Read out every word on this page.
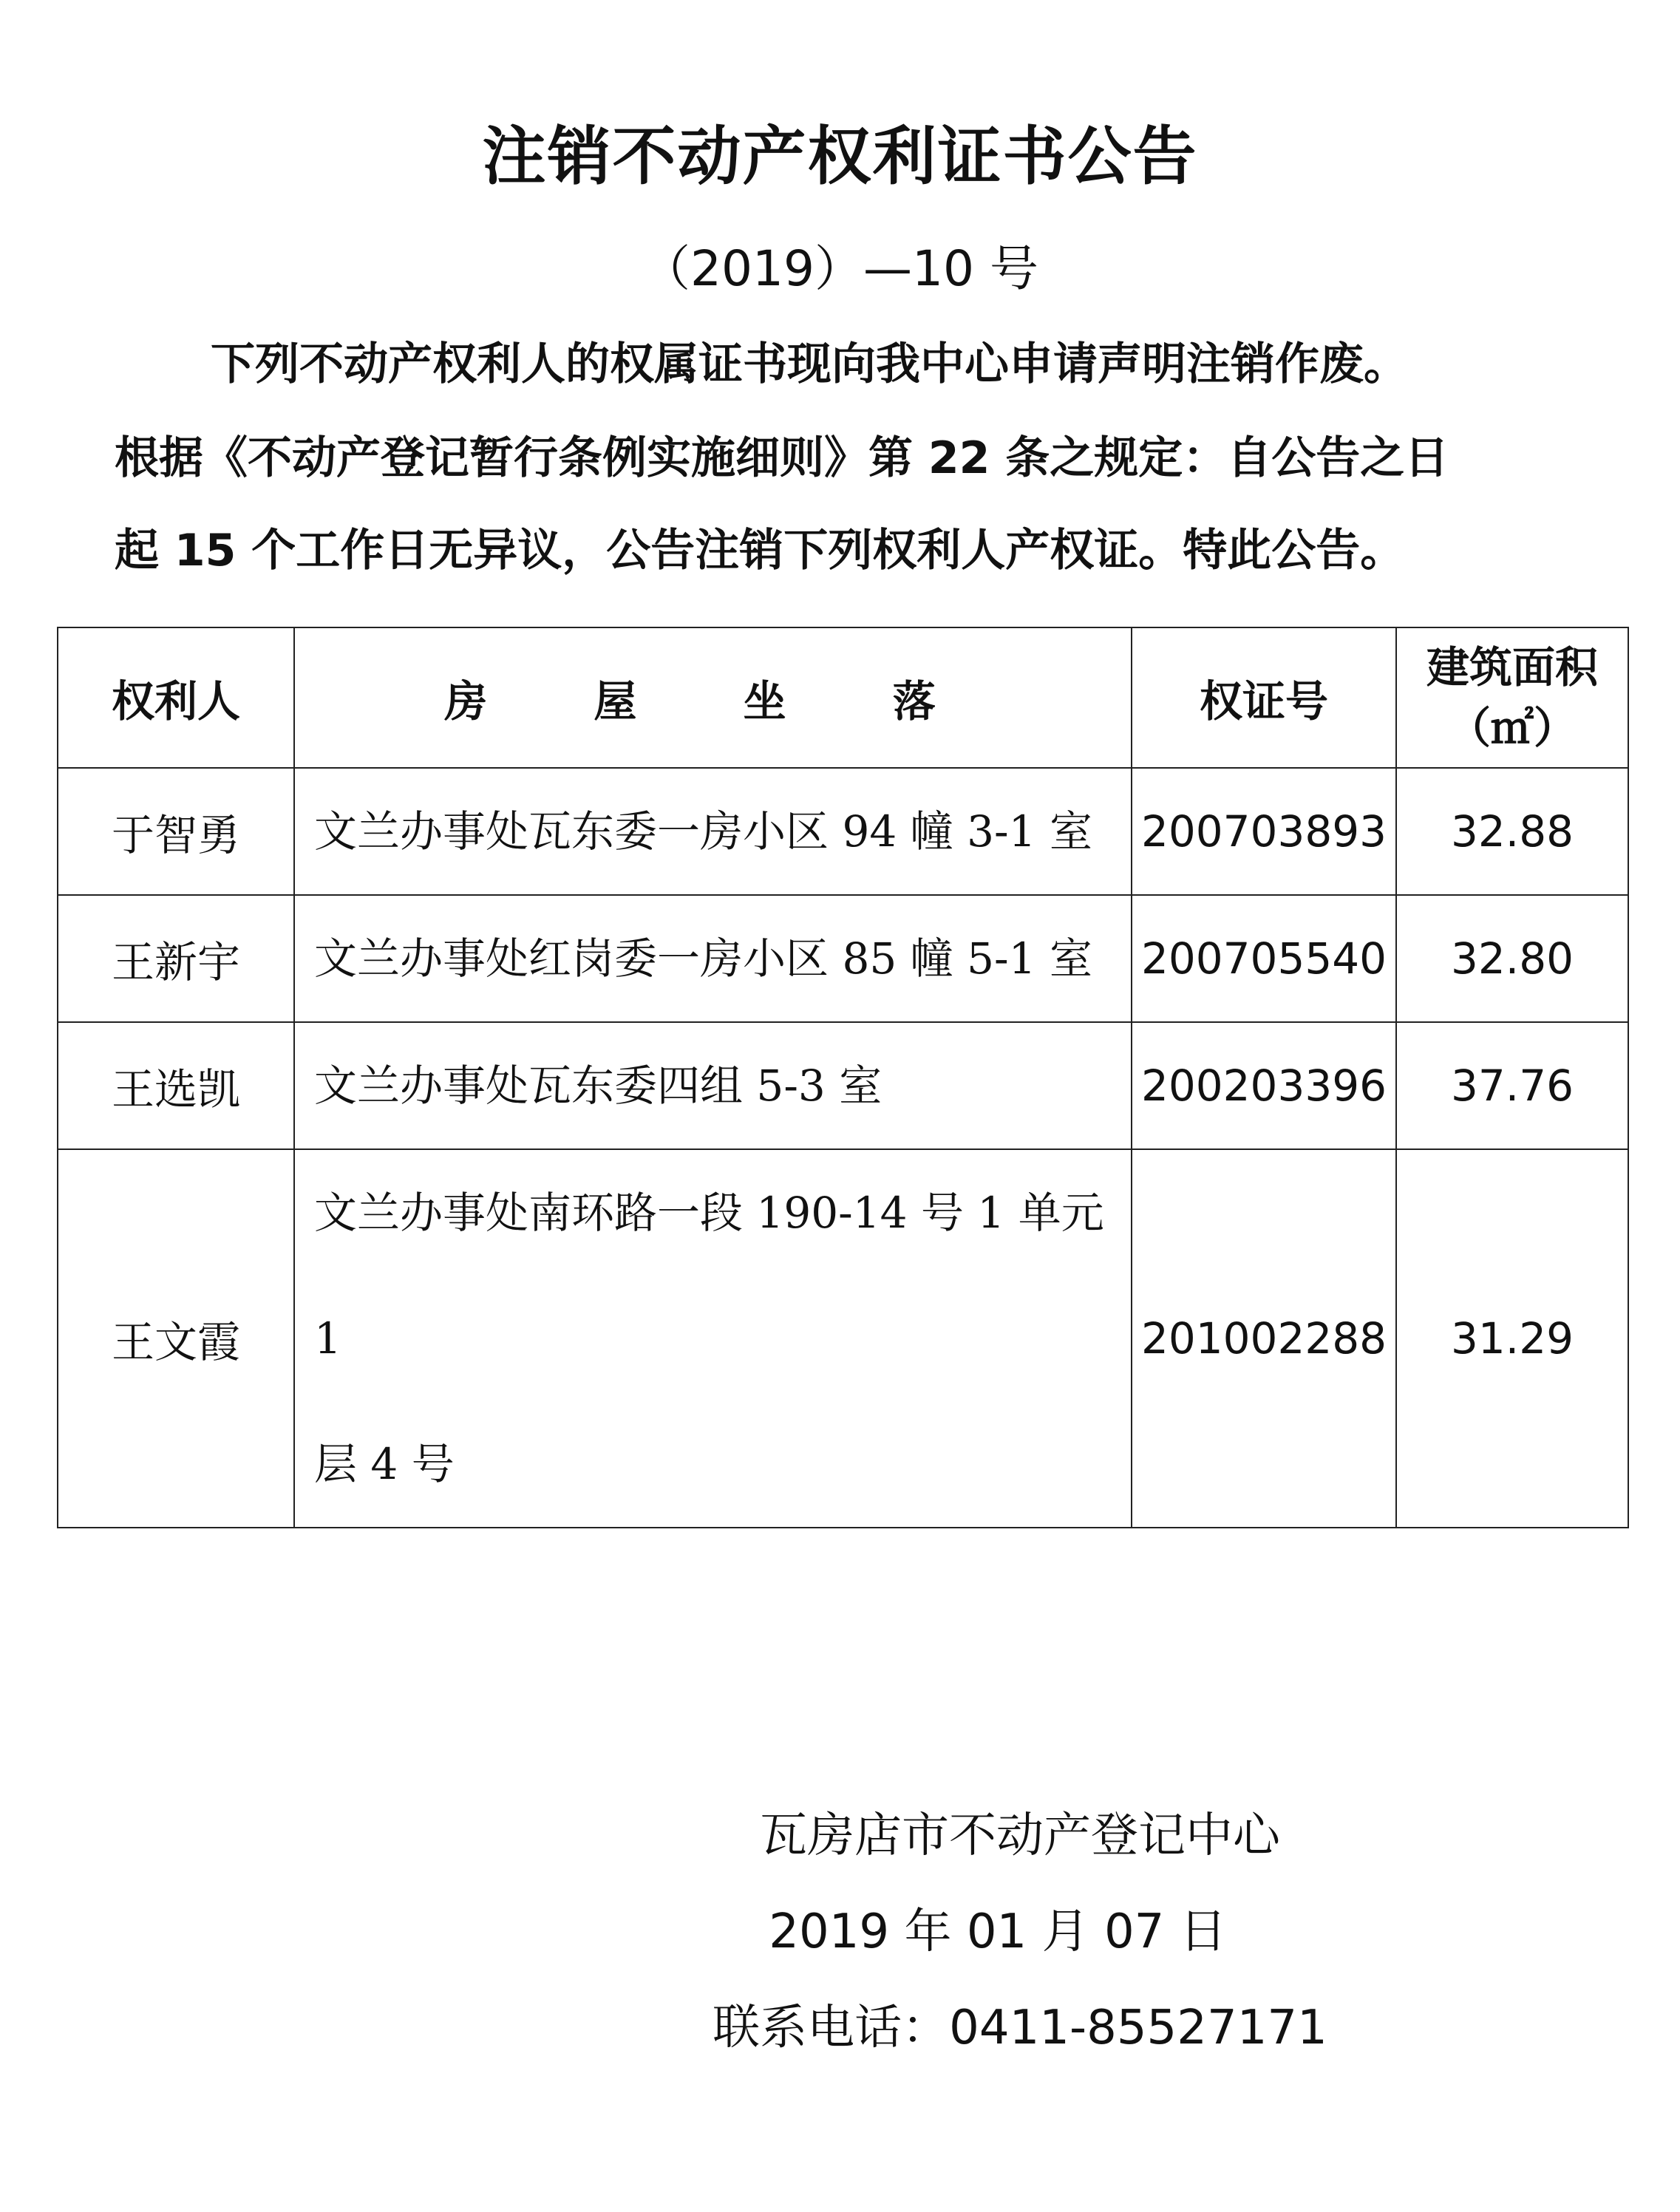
注销不动产权利证书公告
（2019）—10 号
下列不动产权利人的权属证书现向我中心申请声明注销作废。
根据《不动产登记暂行条例实施细则》第 22 条之规定：自公告之日
起 15 个工作日无异议，公告注销下列权利人产权证。特此公告。
权利人	房 屋 坐 落	权证号	建筑面积
（㎡）

于智勇	文兰办事处瓦东委一房小区 94 幢 3-1 室	200703893	32.88
王新宇	文兰办事处红岗委一房小区 85 幢 5-1 室	200705540	32.80
王选凯	文兰办事处瓦东委四组 5-3 室	200203396	37.76
王文霞	文兰办事处南环路一段 190-14 号 1 单元 1
层 4 号	201002288	31.29
瓦房店市不动产登记中心
2019 年 01 月 07 日
联系电话：0411-85527171
